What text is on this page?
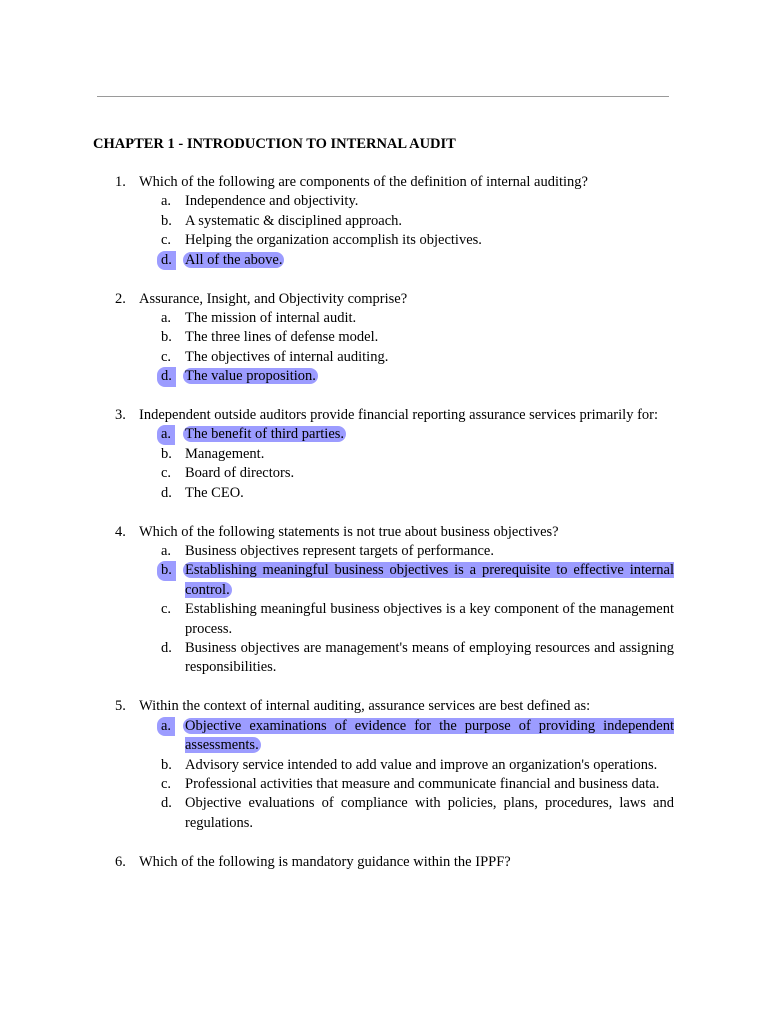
CHAPTER 1 - INTRODUCTION TO INTERNAL AUDIT
1. Which of the following are components of the definition of internal auditing?
a. Independence and objectivity.
b. A systematic & disciplined approach.
c. Helping the organization accomplish its objectives.
d. All of the above.
2. Assurance, Insight, and Objectivity comprise?
a. The mission of internal audit.
b. The three lines of defense model.
c. The objectives of internal auditing.
d. The value proposition.
3. Independent outside auditors provide financial reporting assurance services primarily for:
a. The benefit of third parties.
b. Management.
c. Board of directors.
d. The CEO.
4. Which of the following statements is not true about business objectives?
a. Business objectives represent targets of performance.
b. Establishing meaningful business objectives is a prerequisite to effective internal control.
c. Establishing meaningful business objectives is a key component of the management process.
d. Business objectives are management's means of employing resources and assigning responsibilities.
5. Within the context of internal auditing, assurance services are best defined as:
a. Objective examinations of evidence for the purpose of providing independent assessments.
b. Advisory service intended to add value and improve an organization's operations.
c. Professional activities that measure and communicate financial and business data.
d. Objective evaluations of compliance with policies, plans, procedures, laws and regulations.
6. Which of the following is mandatory guidance within the IPPF?
